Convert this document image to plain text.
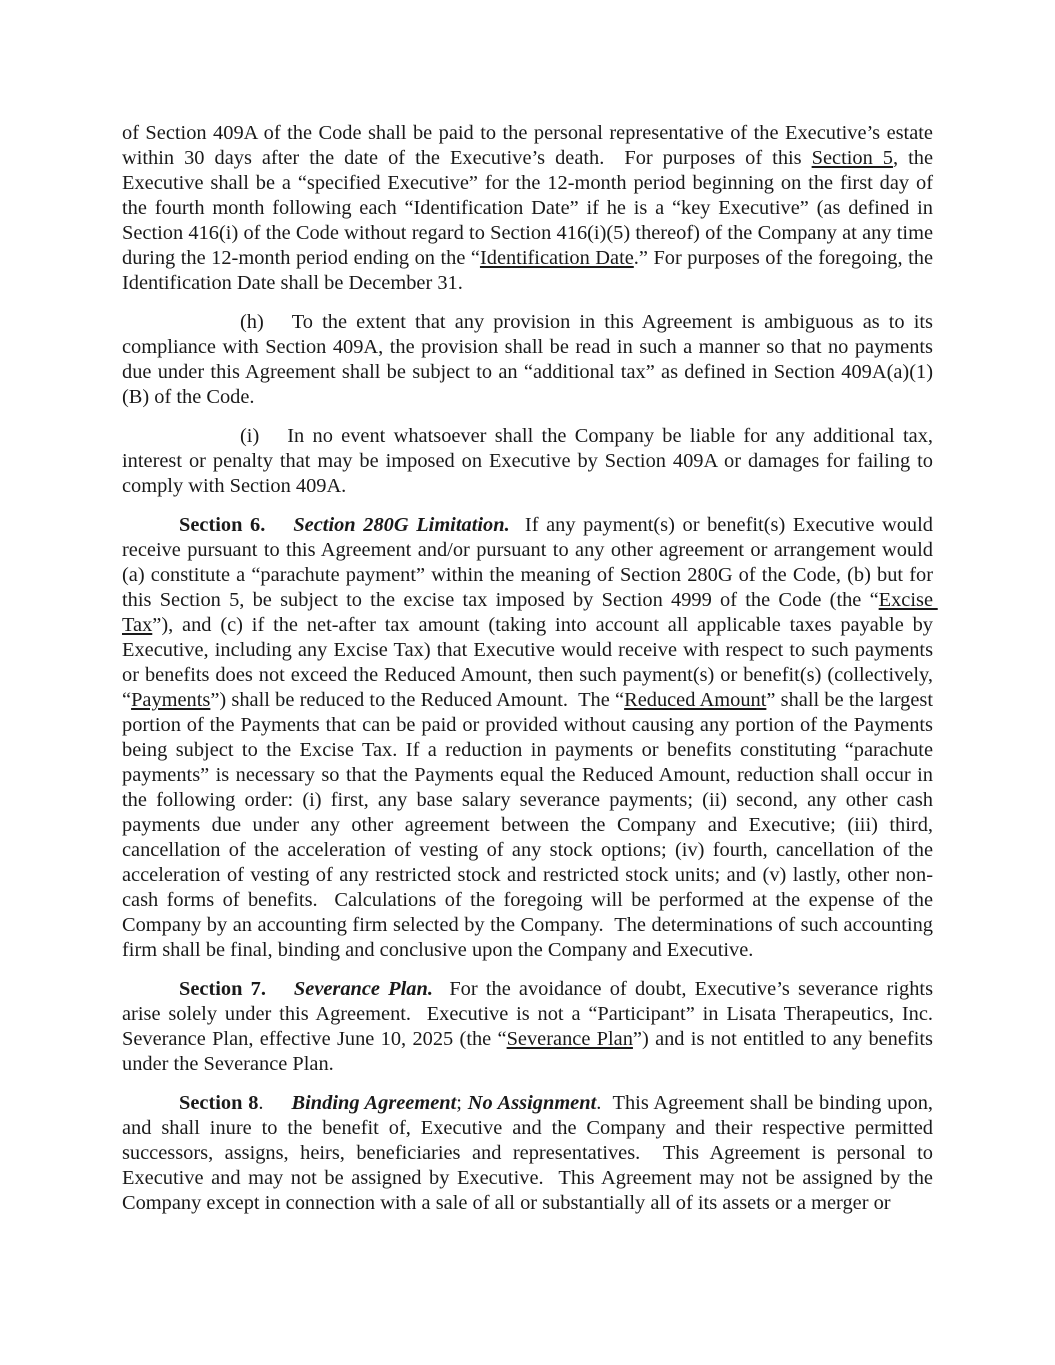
of Section 409A of the Code shall be paid to the personal representative of the Executive’s estate within 30 days after the date of the Executive’s death.  For purposes of this Section 5, the Executive shall be a “specified Executive” for the 12-month period beginning on the first day of the fourth month following each “Identification Date” if he is a “key Executive” (as defined in Section 416(i) of the Code without regard to Section 416(i)(5) thereof) of the Company at any time during the 12-month period ending on the “Identification Date.” For purposes of the foregoing, the Identification Date shall be December 31.

(h) To the extent that any provision in this Agreement is ambiguous as to its compliance with Section 409A, the provision shall be read in such a manner so that no payments due under this Agreement shall be subject to an “additional tax” as defined in Section 409A(a)(1)(B) of the Code.

(i) In no event whatsoever shall the Company be liable for any additional tax, interest or penalty that may be imposed on Executive by Section 409A or damages for failing to comply with Section 409A.

Section 6. Section 280G Limitation.  If any payment(s) or benefit(s) Executive would receive pursuant to this Agreement and/or pursuant to any other agreement or arrangement would (a) constitute a “parachute payment” within the meaning of Section 280G of the Code, (b) but for this Section 5, be subject to the excise tax imposed by Section 4999 of the Code (the “Excise Tax”), and (c) if the net-after tax amount (taking into account all applicable taxes payable by Executive, including any Excise Tax) that Executive would receive with respect to such payments or benefits does not exceed the Reduced Amount, then such payment(s) or benefit(s) (collectively, “Payments”) shall be reduced to the Reduced Amount.  The “Reduced Amount” shall be the largest portion of the Payments that can be paid or provided without causing any portion of the Payments being subject to the Excise Tax. If a reduction in payments or benefits constituting “parachute payments” is necessary so that the Payments equal the Reduced Amount, reduction shall occur in the following order: (i) first, any base salary severance payments; (ii) second, any other cash payments due under any other agreement between the Company and Executive; (iii) third, cancellation of the acceleration of vesting of any stock options; (iv) fourth, cancellation of the acceleration of vesting of any restricted stock and restricted stock units; and (v) lastly, other non-cash forms of benefits.  Calculations of the foregoing will be performed at the expense of the Company by an accounting firm selected by the Company.  The determinations of such accounting firm shall be final, binding and conclusive upon the Company and Executive.

Section 7. Severance Plan.  For the avoidance of doubt, Executive’s severance rights arise solely under this Agreement.  Executive is not a “Participant” in Lisata Therapeutics, Inc. Severance Plan, effective June 10, 2025 (the “Severance Plan”) and is not entitled to any benefits under the Severance Plan.

Section 8. Binding Agreement; No Assignment.  This Agreement shall be binding upon, and shall inure to the benefit of, Executive and the Company and their respective permitted successors, assigns, heirs, beneficiaries and representatives.  This Agreement is personal to Executive and may not be assigned by Executive.  This Agreement may not be assigned by the Company except in connection with a sale of all or substantially all of its assets or a merger or
